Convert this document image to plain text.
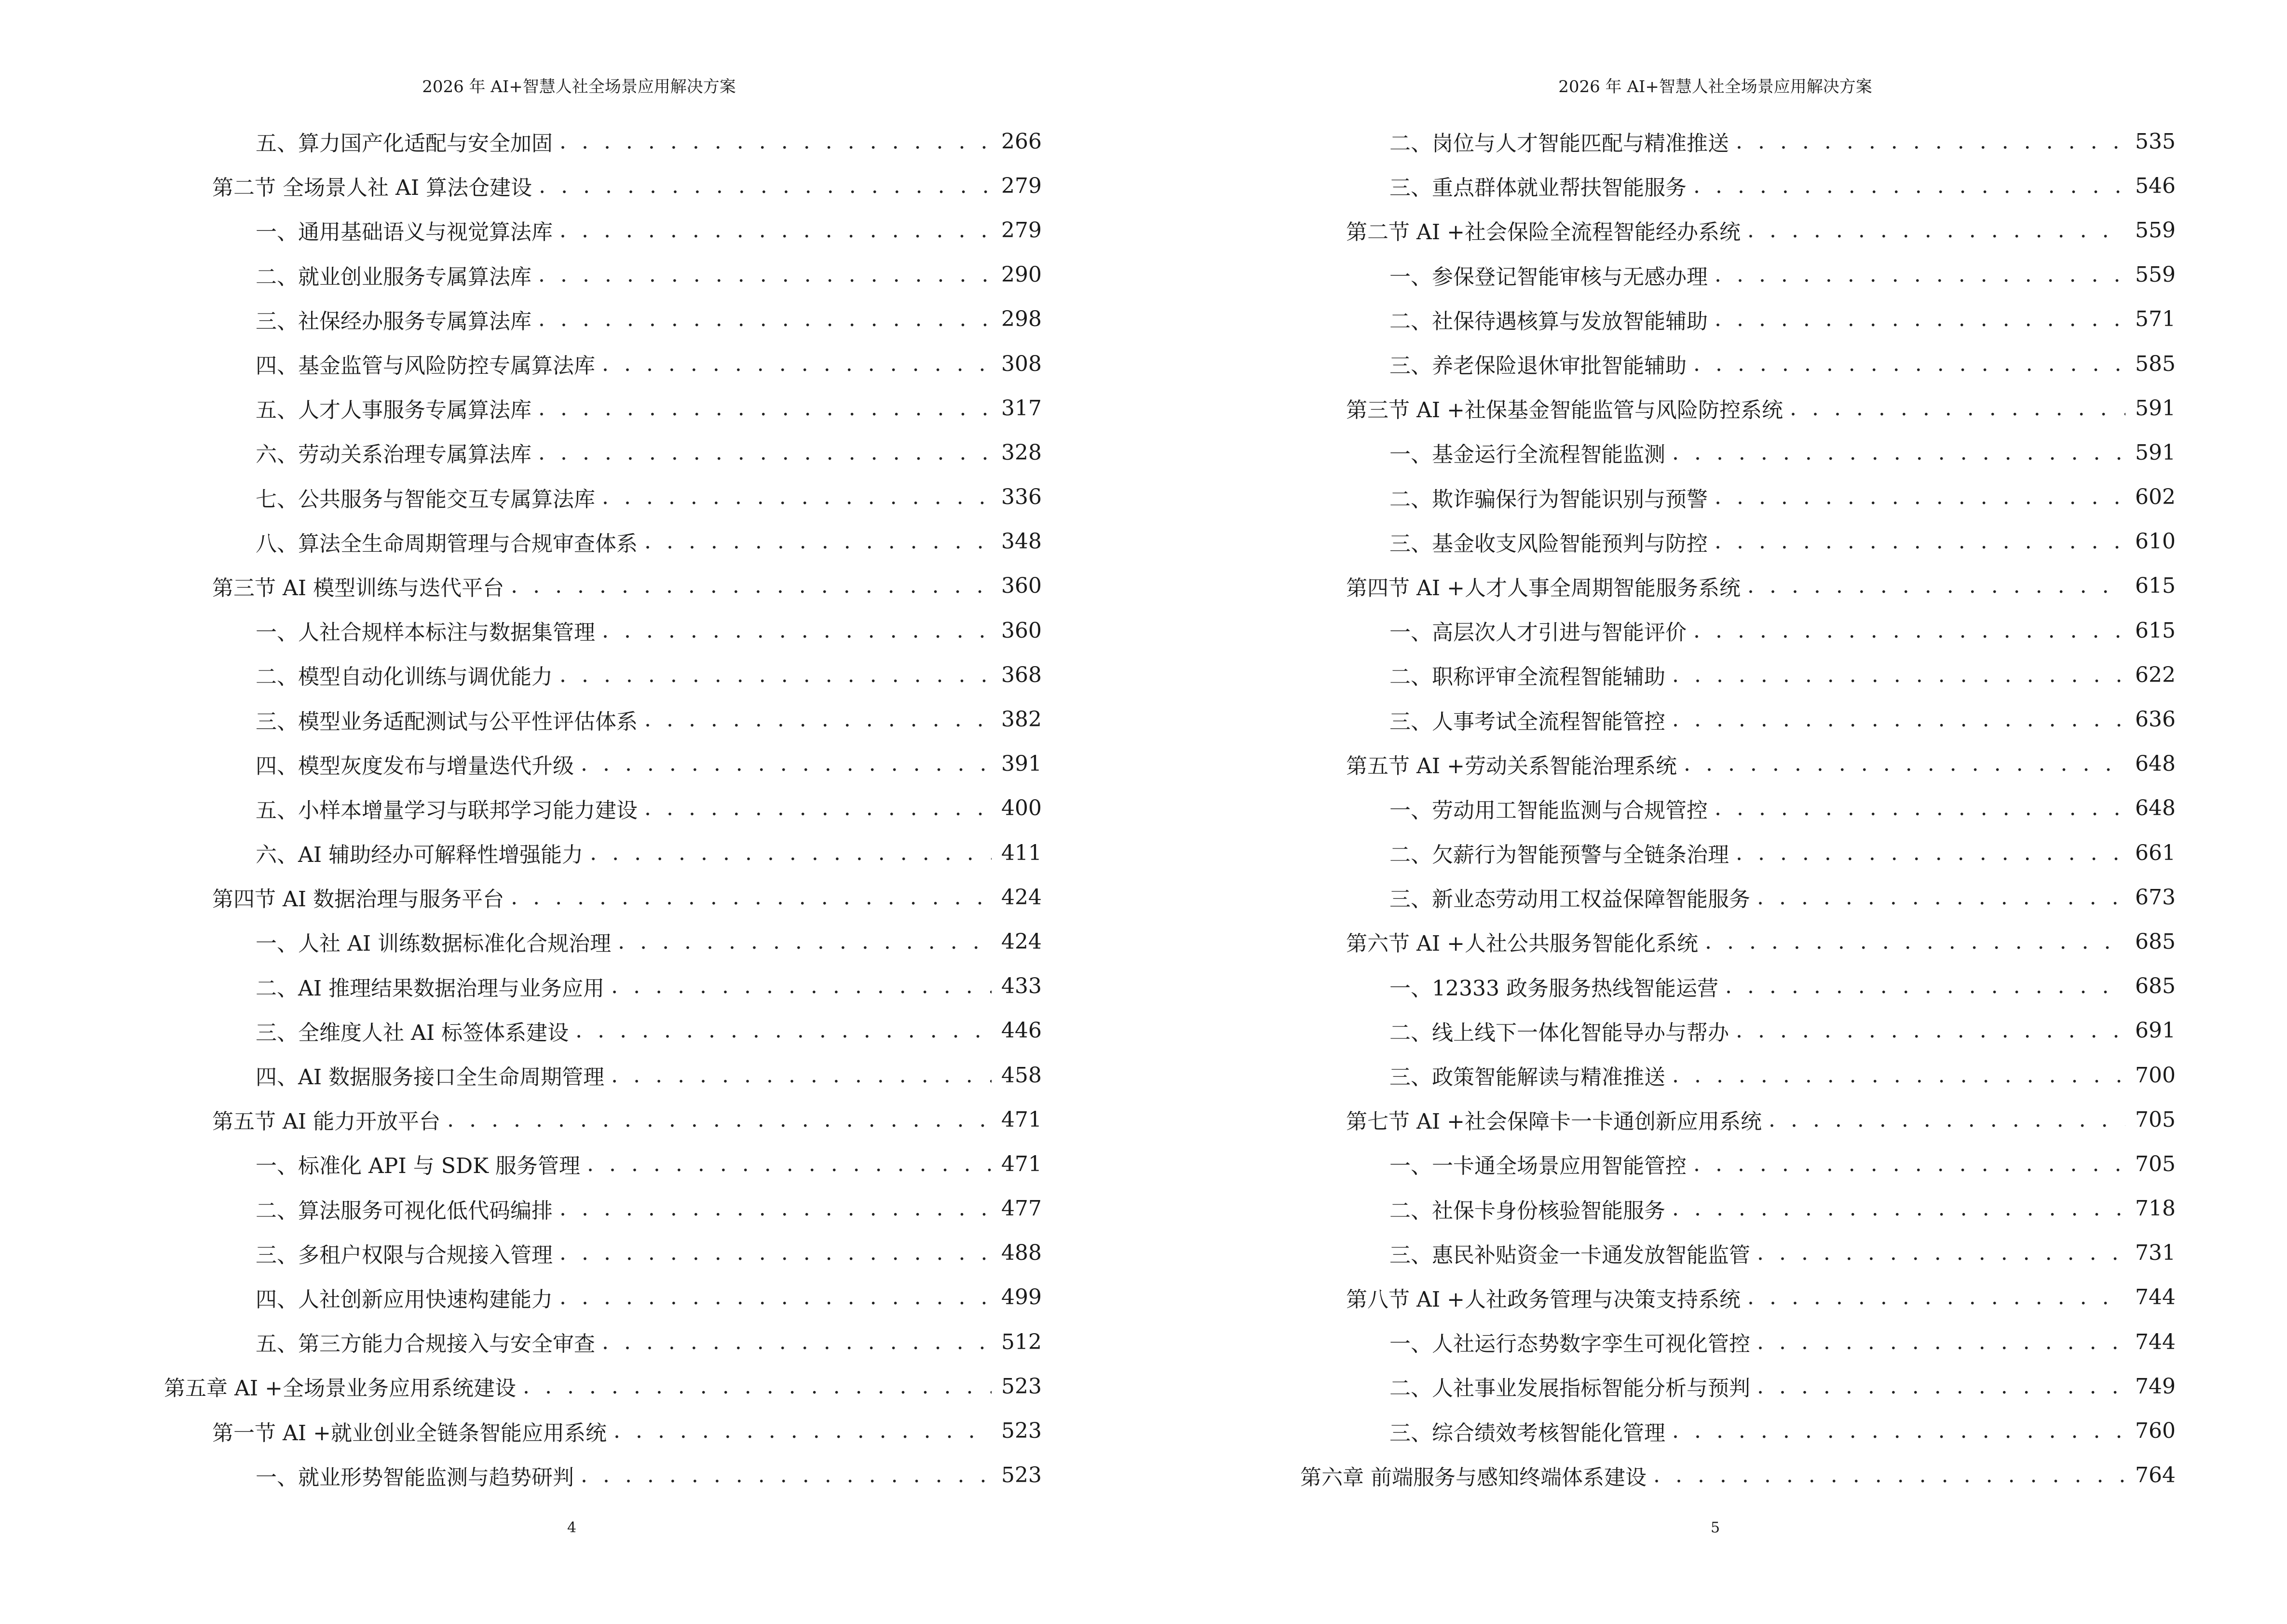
2026 年 AI+智慧人社全场景应用解决方案
五、算力国产化适配与安全加固 . . .	266
第二节 全场景人社 AI 算法仓建设 . . .	279
一、通用基础语义与视觉算法库 . . .	279
二、就业创业服务专属算法库 . . .	290
三、社保经办服务专属算法库 . . .	298
四、基金监管与风险防控专属算法库 . . .	308
五、人才人事服务专属算法库 . . .	317
六、劳动关系治理专属算法库 . . .	328
七、公共服务与智能交互专属算法库 . . .	336
八、算法全生命周期管理与合规审查体系 . . .	348
第三节 AI 模型训练与迭代平台 . . .	360
一、人社合规样本标注与数据集管理 . . .	360
二、模型自动化训练与调优能力 . . .	368
三、模型业务适配测试与公平性评估体系 . . .	382
四、模型灰度发布与增量迭代升级 . . .	391
五、小样本增量学习与联邦学习能力建设 . . .	400
六、AI 辅助经办可解释性增强能力 . . .	411
第四节 AI 数据治理与服务平台 . . .	424
一、人社 AI 训练数据标准化合规治理 . . .	424
二、AI 推理结果数据治理与业务应用 . . .	433
三、全维度人社 AI 标签体系建设 . . .	446
四、AI 数据服务接口全生命周期管理 . . .	458
第五节 AI 能力开放平台 . . .	471
一、标准化 API 与 SDK 服务管理 . . .	471
二、算法服务可视化低代码编排 . . .	477
三、多租户权限与合规接入管理 . . .	488
四、人社创新应用快速构建能力 . . .	499
五、第三方能力合规接入与安全审查 . . .	512
第五章 AI +全场景业务应用系统建设 . . .	523
第一节 AI +就业创业全链条智能应用系统 . . .	523
一、就业形势智能监测与趋势研判 . . .	523
4
2026 年 AI+智慧人社全场景应用解决方案
二、岗位与人才智能匹配与精准推送 . . .	535
三、重点群体就业帮扶智能服务 . . .	546
第二节 AI +社会保险全流程智能经办系统 . . .	559
一、参保登记智能审核与无感办理 . . .	559
二、社保待遇核算与发放智能辅助 . . .	571
三、养老保险退休审批智能辅助 . . .	585
第三节 AI +社保基金智能监管与风险防控系统 . . .	591
一、基金运行全流程智能监测 . . .	591
二、欺诈骗保行为智能识别与预警 . . .	602
三、基金收支风险智能预判与防控 . . .	610
第四节 AI +人才人事全周期智能服务系统 . . .	615
一、高层次人才引进与智能评价 . . .	615
二、职称评审全流程智能辅助 . . .	622
三、人事考试全流程智能管控 . . .	636
第五节 AI +劳动关系智能治理系统 . . .	648
一、劳动用工智能监测与合规管控 . . .	648
二、欠薪行为智能预警与全链条治理 . . .	661
三、新业态劳动用工权益保障智能服务 . . .	673
第六节 AI +人社公共服务智能化系统 . . .	685
一、12333 政务服务热线智能运营 . . .	685
二、线上线下一体化智能导办与帮办 . . .	691
三、政策智能解读与精准推送 . . .	700
第七节 AI +社会保障卡一卡通创新应用系统 . . .	705
一、一卡通全场景应用智能管控 . . .	705
二、社保卡身份核验智能服务 . . .	718
三、惠民补贴资金一卡通发放智能监管 . . .	731
第八节 AI +人社政务管理与决策支持系统 . . .	744
一、人社运行态势数字孪生可视化管控 . . .	744
二、人社事业发展指标智能分析与预判 . . .	749
三、综合绩效考核智能化管理 . . .	760
第六章 前端服务与感知终端体系建设 . . .	764
5
